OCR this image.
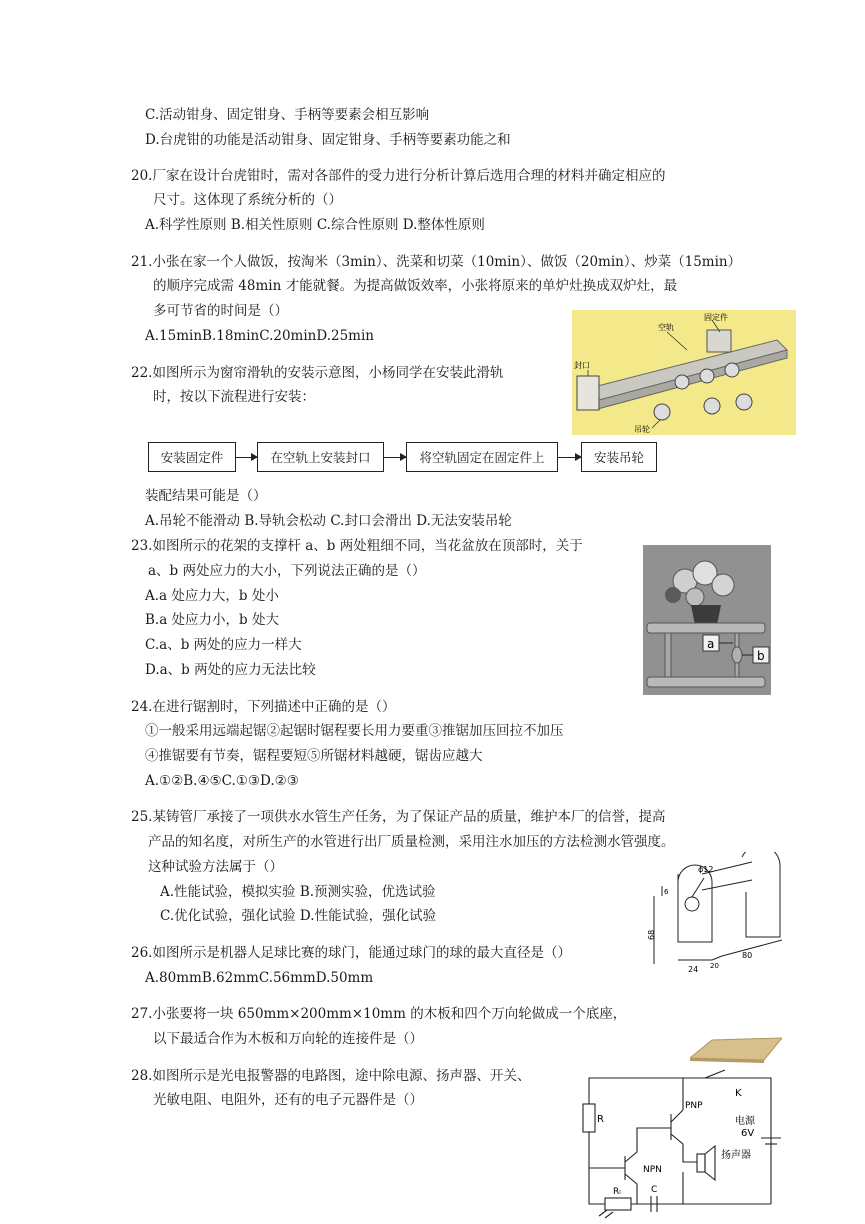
C.活动钳身、固定钳身、手柄等要素会相互影响
D.台虎钳的功能是活动钳身、固定钳身、手柄等要素功能之和
20.厂家在设计台虎钳时，需对各部件的受力进行分析计算后选用合理的材料并确定相应的
尺寸。这体现了系统分析的（）
A.科学性原则 B.相关性原则 C.综合性原则 D.整体性原则
21.小张在家一个人做饭，按淘米（3min）、洗菜和切菜（10min）、做饭（20min）、炒菜（15min）
的顺序完成需 48min 才能就餐。为提高做饭效率，小张将原来的单炉灶换成双炉灶，最
多可节省的时间是（）
A.15minB.18minC.20minD.25min
固定件
空轨
封口
吊轮
22.如图所示为窗帘滑轨的安装示意图，小杨同学在安装此滑轨
时，按以下流程进行安装：
安装固定件	在空轨上安装封口	将空轨固定在固定件上	安装吊轮
装配结果可能是（）
A.吊轮不能滑动 B.导轨会松动 C.封口会滑出 D.无法安装吊轮
a
b
23.如图所示的花架的支撑杆 a、b 两处粗细不同，当花盆放在顶部时，关于
a、b 两处应力的大小，下列说法正确的是（）
A.a 处应力大，b 处小
B.a 处应力小，b 处大
C.a、b 两处的应力一样大
D.a、b 两处的应力无法比较
24.在进行锯割时，下列描述中正确的是（）
①一般采用远端起锯②起锯时锯程要长用力要重③推锯加压回拉不加压
④推锯要有节奏，锯程要短⑤所锯材料越硬，锯齿应越大
A.①②B.④⑤C.①③D.②③
25.某铸管厂承接了一项供水水管生产任务，为了保证产品的质量，维护本厂的信誉，提高
产品的知名度，对所生产的水管进行出厂质量检测，采用注水加压的方法检测水管强度。
这种试验方法属于（）
A.性能试验，模拟实验 B.预测实验，优选试验
C.优化试验，强化试验 D.性能试验，强化试验
ϕ12
6
68
24 20
80
26.如图所示是机器人足球比赛的球门，能通过球门的球的最大直径是（）
A.80mmB.62mmC.56mmD.50mm
27.小张要将一块 650mm×200mm×10mm 的木板和四个万向轮做成一个底座，
以下最适合作为木板和万向轮的连接件是（）
28.如图所示是光电报警器的电路图，途中除电源、扬声器、开关、
光敏电阻、电阻外，还有的电子元器件是（）
R
K
PNP
NPN
电源
6V
扬声器
Rₗ	C
